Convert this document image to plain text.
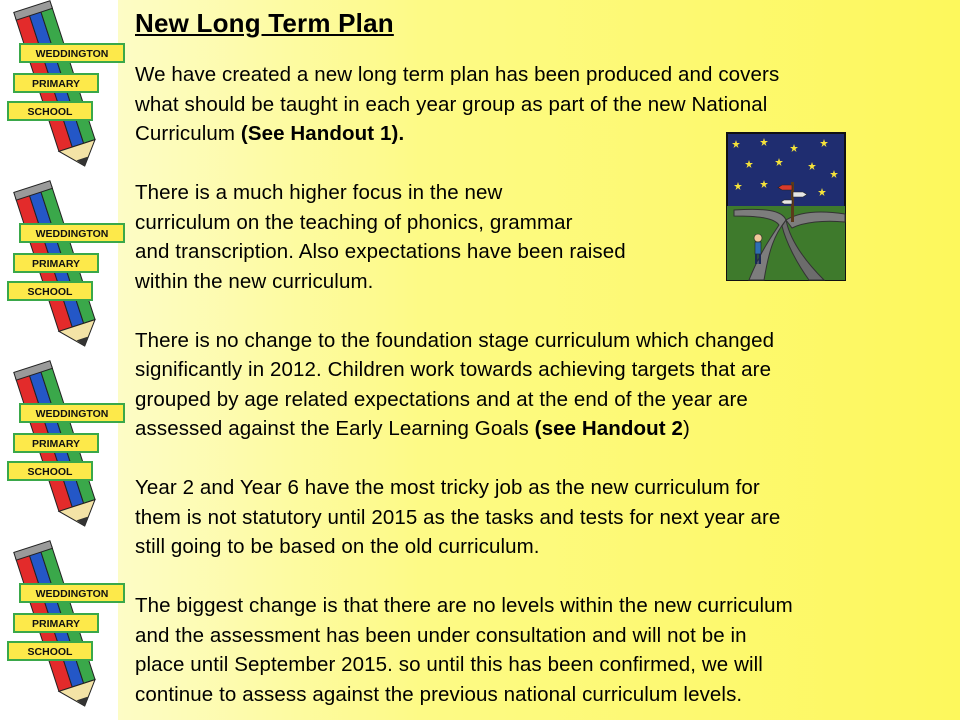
WEDDINGTON
PRIMARY
SCHOOL
WEDDINGTON
PRIMARY
SCHOOL
WEDDINGTON
PRIMARY
SCHOOL
WEDDINGTON
PRIMARY
SCHOOL
New Long Term Plan

We have created a new long term plan has been produced and covers

what should be taught in each year group as part of the new National

Curriculum (See Handout 1).

There is a much higher focus in the new

curriculum on the teaching of phonics, grammar

and transcription. Also expectations have been raised

within the new curriculum.

There is no change to the foundation stage curriculum which changed

significantly in 2012. Children work towards achieving targets that are

grouped by age related expectations and at the end of the year are

assessed against the Early Learning Goals (see Handout 2)

Year 2 and Year 6 have the most tricky job as the new curriculum for

them is not statutory until 2015 as the tasks and tests for next year are

still going to be based on the old curriculum.

The biggest change is that there are no levels within the new curriculum

and the assessment has been under consultation and will not be in

place until September 2015. so until this has been confirmed, we will

continue to assess against the previous national curriculum levels.
